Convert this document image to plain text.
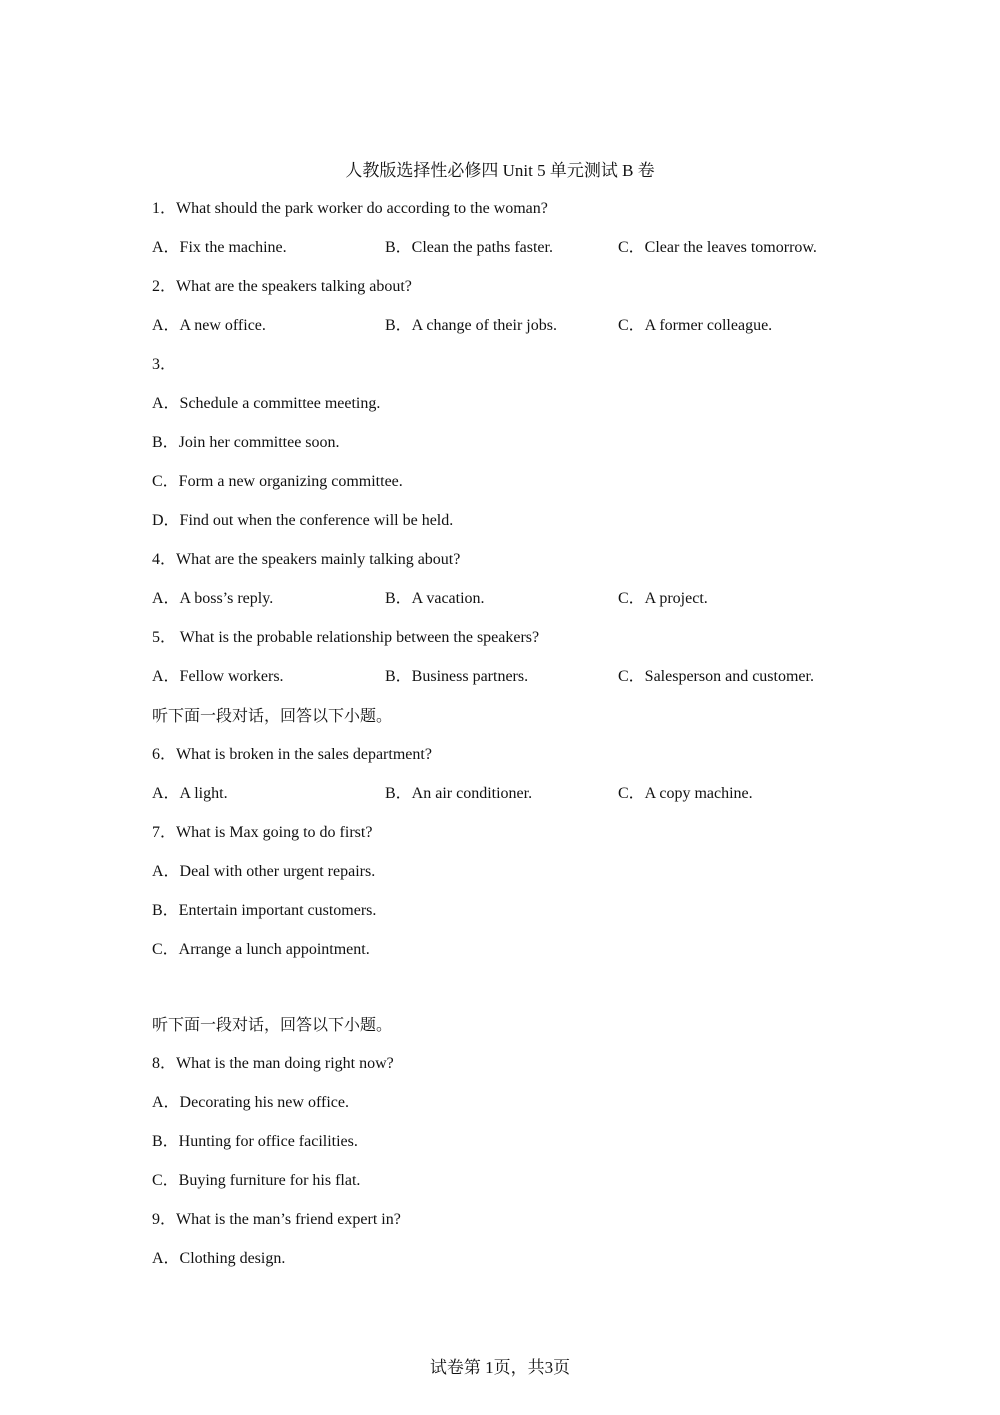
人教版选择性必修四 Unit 5 单元测试 B 卷
1．What should the park worker do according to the woman?
A．Fix the machine.	B．Clean the paths faster.	C．Clear the leaves tomorrow.
2．What are the speakers talking about?
A．A new office.	B．A change of their jobs.	C．A former colleague.
3．
A．Schedule a committee meeting.
B．Join her committee soon.
C．Form a new organizing committee.
D．Find out when the conference will be held.
4．What are the speakers mainly talking about?
A．A boss’s reply.	B．A vacation.	C．A project.
5． What is the probable relationship between the speakers?
A．Fellow workers.	B．Business partners.	C．Salesperson and customer.
听下面一段对话，回答以下小题。
6．What is broken in the sales department?
A．A light.	B．An air conditioner.	C．A copy machine.
7．What is Max going to do first?
A．Deal with other urgent repairs.
B．Entertain important customers.
C．Arrange a lunch appointment.
听下面一段对话，回答以下小题。
8．What is the man doing right now?
A．Decorating his new office.
B．Hunting for office facilities.
C．Buying furniture for his flat.
9．What is the man’s friend expert in?
A．Clothing design.
试卷第 1页，共3页
